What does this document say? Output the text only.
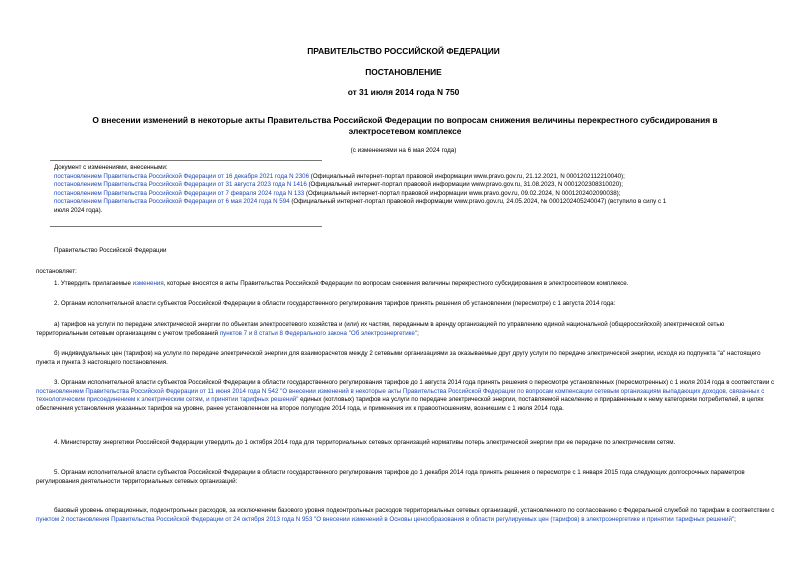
ПРАВИТЕЛЬСТВО РОССИЙСКОЙ ФЕДЕРАЦИИ
ПОСТАНОВЛЕНИЕ
от 31 июля 2014 года N 750
О внесении изменений в некоторые акты Правительства Российской Федерации по вопросам снижения величины перекрестного субсидирования в электросетевом комплексе
(с изменениями на 6 мая 2024 года)
Документ с изменениями, внесенными:
постановлением Правительства Российской Федерации от 16 декабря 2021 года N 2306 (Официальный интернет-портал правовой информации www.pravo.gov.ru, 21.12.2021, N 0001202112210040);
постановлением Правительства Российской Федерации от 31 августа 2023 года N 1416 (Официальный интернет-портал правовой информации www.pravo.gov.ru, 31.08.2023, N 0001202308310020);
постановлением Правительства Российской Федерации от 7 февраля 2024 года N 133 (Официальный интернет-портал правовой информации www.pravo.gov.ru, 09.02.2024, N 0001202402090038);
постановлением Правительства Российской Федерации от 6 мая 2024 года N 594 (Официальный интернет-портал правовой информации www.pravo.gov.ru, 24.05.2024, № 0001202405240047) (вступило в силу с 1
июля 2024 года).
Правительство Российской Федерации
постановляет:
1. Утвердить прилагаемые изменения, которые вносятся в акты Правительства Российской Федерации по вопросам снижения величины перекрестного субсидирования в электросетевом комплексе.
2. Органам исполнительной власти субъектов Российской Федерации в области государственного регулирования тарифов принять решения об установлении (пересмотре) с 1 августа 2014 года:
а) тарифов на услуги по передаче электрической энергии по объектам электросетевого хозяйства и (или) их частям, переданным в аренду организацией по управлению единой национальной (общероссийской) электрической сетью территориальным сетевым организациям с учетом требований пунктов 7 и 8 статьи 8 Федерального закона "Об электроэнергетике";
б) индивидуальных цен (тарифов) на услуги по передаче электрической энергии для взаиморасчетов между 2 сетевыми организациями за оказываемые друг другу услуги по передаче электрической энергии, исходя из подпункта "а" настоящего пункта и пункта 3 настоящего постановления.
3. Органам исполнительной власти субъектов Российской Федерации в области государственного регулирования тарифов до 1 августа 2014 года принять решения о пересмотре установленных (пересмотренных) с 1 июля 2014 года в соответствии с постановлением Правительства Российской Федерации от 11 июня 2014 года N 542 "О внесении изменений в некоторые акты Правительства Российской Федерации по вопросам компенсации сетевым организациям выпадающих доходов, связанных с технологическим присоединением к электрическим сетям, и принятии тарифных решений" единых (котловых) тарифов на услуги по передаче электрической энергии, поставляемой населению и приравненным к нему категориям потребителей, в целях обеспечения установления указанных тарифов на уровне, ранее установленном на второе полугодие 2014 года, и применения их к правоотношениям, возникшим с 1 июля 2014 года.
4. Министерству энергетики Российской Федерации утвердить до 1 октября 2014 года для территориальных сетевых организаций нормативы потерь электрической энергии при ее передаче по электрическим сетям.
5. Органам исполнительной власти субъектов Российской Федерации в области государственного регулирования тарифов до 1 декабря 2014 года принять решения о пересмотре с 1 января 2015 года следующих долгосрочных параметров регулирования деятельности территориальных сетевых организаций:
базовый уровень операционных, подконтрольных расходов, за исключением базового уровня подконтрольных расходов территориальных сетевых организаций, установленного по согласованию с Федеральной службой по тарифам в соответствии с пунктом 2 постановления Правительства Российской Федерации от 24 октября 2013 года N 953 "О внесении изменений в Основы ценообразования в области регулируемых цен (тарифов) в электроэнергетике и принятии тарифных решений";
